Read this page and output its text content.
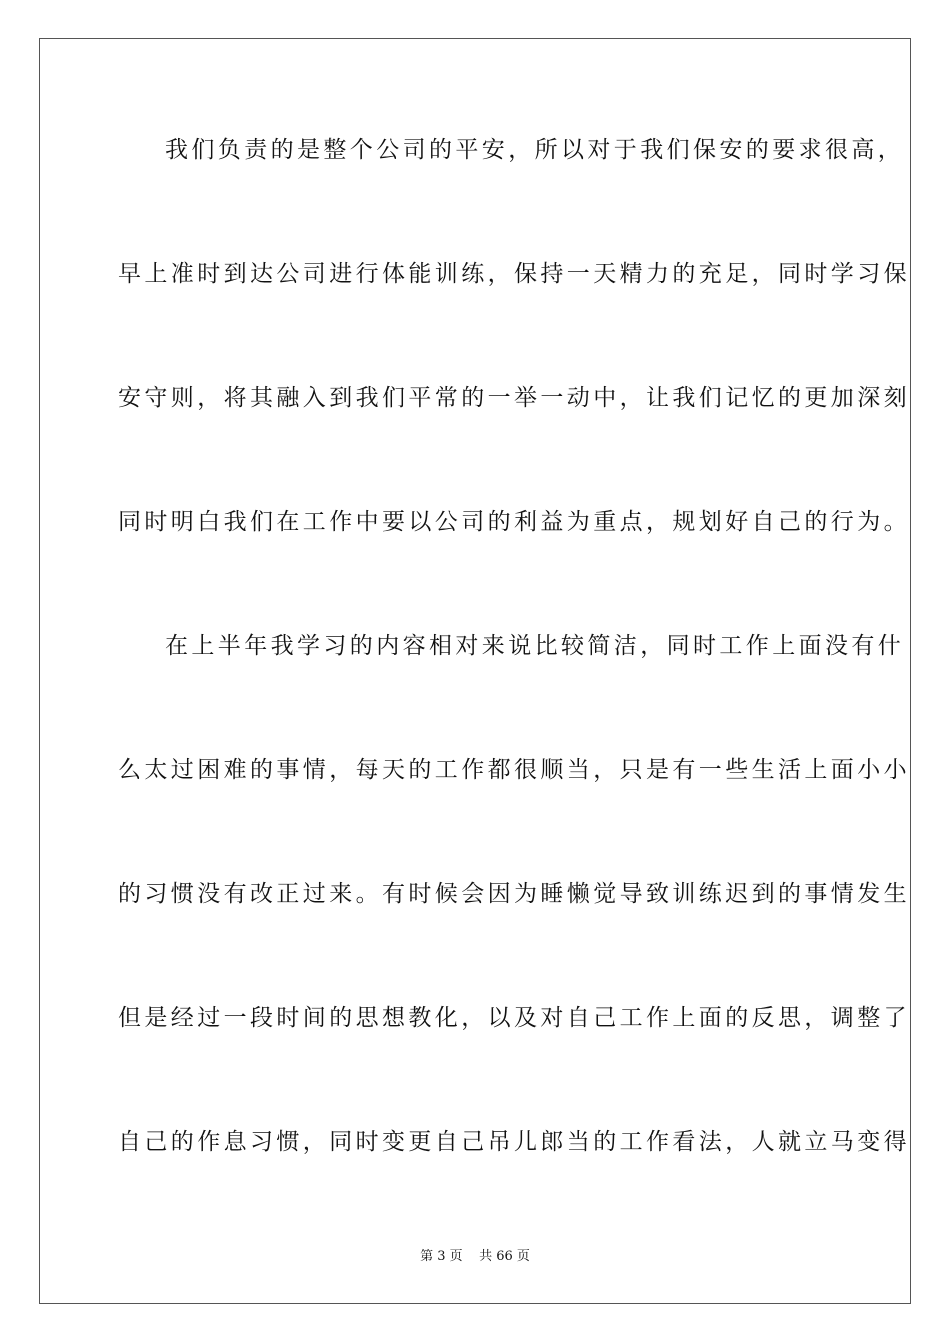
我们负责的是整个公司的平安，所以对于我们保安的要求很高，
早上准时到达公司进行体能训练，保持一天精力的充足，同时学习保
安守则，将其融入到我们平常的一举一动中，让我们记忆的更加深刻
同时明白我们在工作中要以公司的利益为重点，规划好自己的行为。
在上半年我学习的内容相对来说比较简洁，同时工作上面没有什
么太过困难的事情，每天的工作都很顺当，只是有一些生活上面小小
的习惯没有改正过来。有时候会因为睡懒觉导致训练迟到的事情发生
但是经过一段时间的思想教化，以及对自己工作上面的反思，调整了
自己的作息习惯，同时变更自己吊儿郎当的工作看法，人就立马变得
第 3 页    共 66 页
